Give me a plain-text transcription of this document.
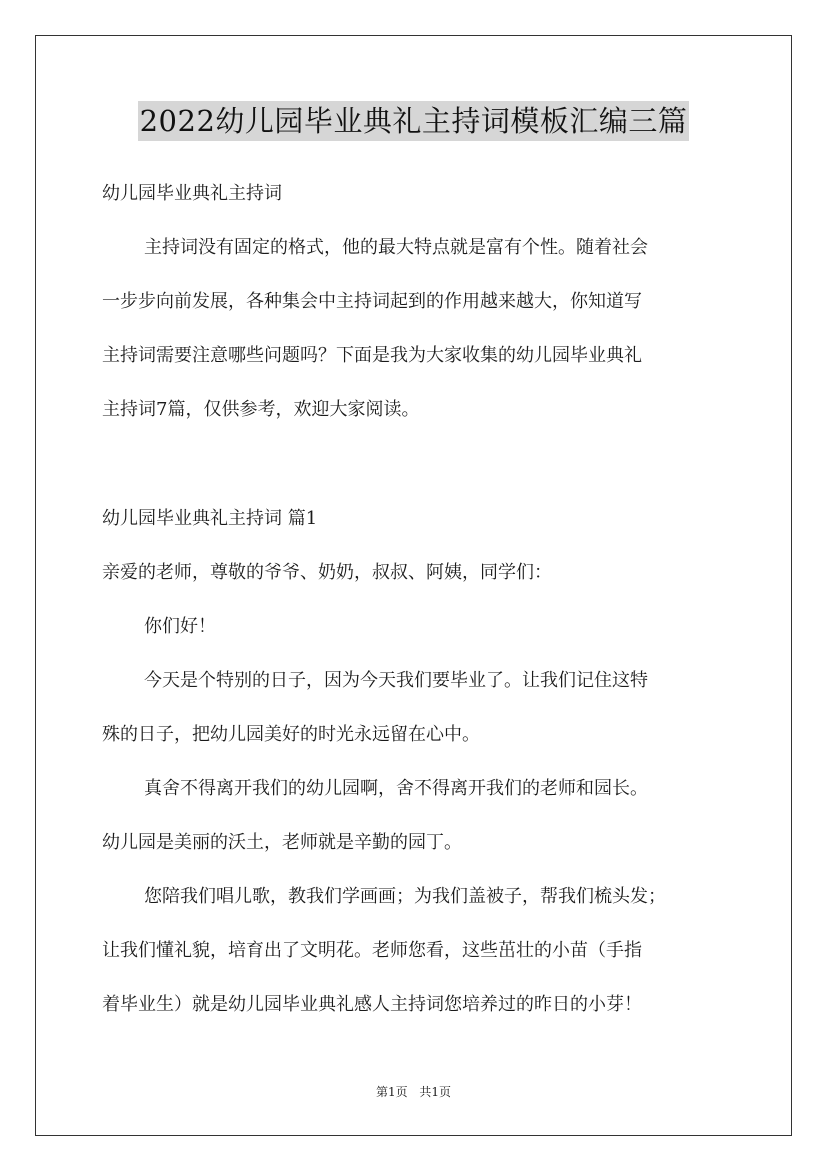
2022幼儿园毕业典礼主持词模板汇编三篇
幼儿园毕业典礼主持词
主持词没有固定的格式，他的最大特点就是富有个性。随着社会
一步步向前发展，各种集会中主持词起到的作用越来越大，你知道写
主持词需要注意哪些问题吗？下面是我为大家收集的幼儿园毕业典礼
主持词7篇，仅供参考，欢迎大家阅读。
幼儿园毕业典礼主持词 篇1
亲爱的老师，尊敬的爷爷、奶奶，叔叔、阿姨，同学们：
你们好！
今天是个特别的日子，因为今天我们要毕业了。让我们记住这特
殊的日子，把幼儿园美好的时光永远留在心中。
真舍不得离开我们的幼儿园啊，舍不得离开我们的老师和园长。
幼儿园是美丽的沃土，老师就是辛勤的园丁。
您陪我们唱儿歌，教我们学画画；为我们盖被子，帮我们梳头发；
让我们懂礼貌，培育出了文明花。老师您看，这些茁壮的小苗（手指
着毕业生）就是幼儿园毕业典礼感人主持词您培养过的昨日的小芽！
第1页 共1页
